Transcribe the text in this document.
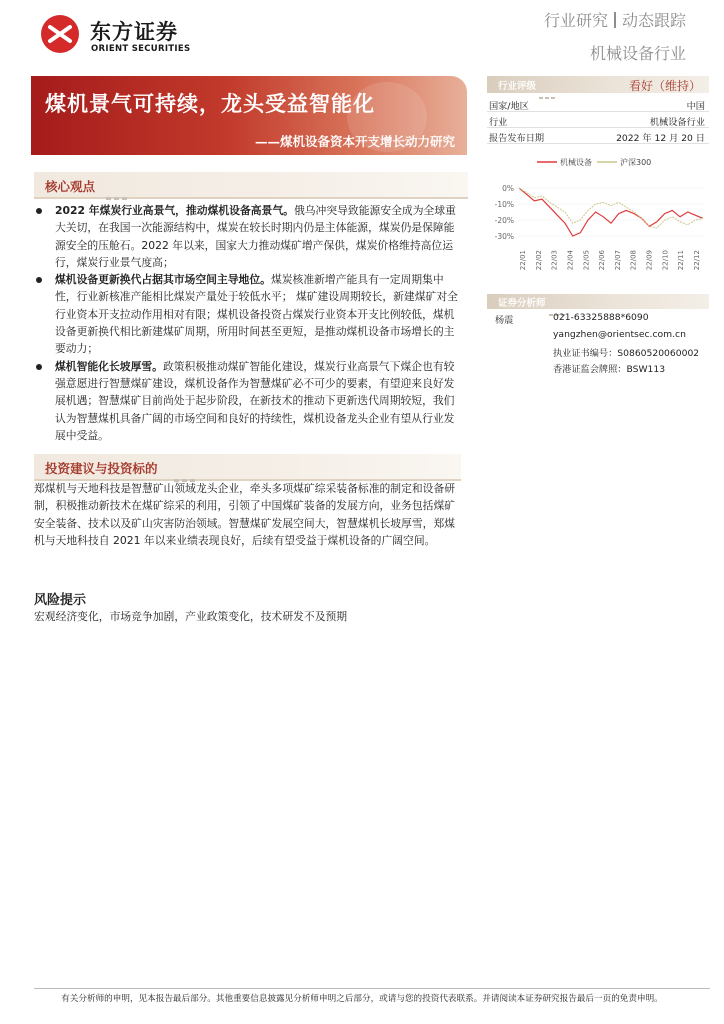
东方证券
ORIENT SECURITIES
行业研究 动态跟踪
机械设备行业
煤机景气可持续，龙头受益智能化
——煤机设备资本开支增长动力研究
核心观点
2022 年煤炭行业高景气，推动煤机设备高景气。俄乌冲突导致能源安全成为全球重大关切，在我国一次能源结构中，煤炭在较长时期内仍是主体能源，煤炭仍是保障能源安全的压舱石。2022 年以来，国家大力推动煤矿增产保供，煤炭价格维持高位运行，煤炭行业景气度高；
煤机设备更新换代占据其市场空间主导地位。煤炭核准新增产能具有一定周期集中性，行业新核准产能相比煤炭产量处于较低水平； 煤矿建设周期较长，新建煤矿对全行业资本开支拉动作用相对有限；煤机设备投资占煤炭行业资本开支比例较低，煤机设备更新换代相比新建煤矿周期，所用时间甚至更短，是推动煤机设备市场增长的主要动力；
煤机智能化长坡厚雪。政策积极推动煤矿智能化建设，煤炭行业高景气下煤企也有较强意愿进行智慧煤矿建设，煤机设备作为智慧煤矿必不可少的要素，有望迎来良好发展机遇；智慧煤矿目前尚处于起步阶段，在新技术的推动下更新迭代周期较短，我们认为智慧煤机具备广阔的市场空间和良好的持续性，煤机设备龙头企业有望从行业发展中受益。
投资建议与投资标的
郑煤机与天地科技是智慧矿山领域龙头企业，牵头多项煤矿综采装备标准的制定和设备研制，积极推动新技术在煤矿综采的利用，引领了中国煤矿装备的发展方向，业务包括煤矿安全装备、技术以及矿山灾害防治领域。智慧煤矿发展空间大，智慧煤机长坡厚雪，郑煤机与天地科技自 2021 年以来业绩表现良好，后续有望受益于煤机设备的广阔空间。
风险提示
宏观经济变化，市场竞争加剧，产业政策变化，技术研发不及预期
行业评级	看好（维持）
国家/地区	中国
行业	机械设备行业
报告发布日期	2022 年 12 月 20 日
机械设备	沪深300
0%
-10%
-20%
-30%
22/01 22/02 22/03 22/04 22/05 22/06 22/07 22/08 22/09 22/10 22/11 22/12
证券分析师
杨震	021-63325888*6090
yangzhen@orientsec.com.cn
执业证书编号：S0860520060002
香港证监会牌照：BSW113
有关分析师的申明，见本报告最后部分。其他重要信息披露见分析师申明之后部分，或请与您的投资代表联系。并请阅读本证券研究报告最后一页的免责申明。
